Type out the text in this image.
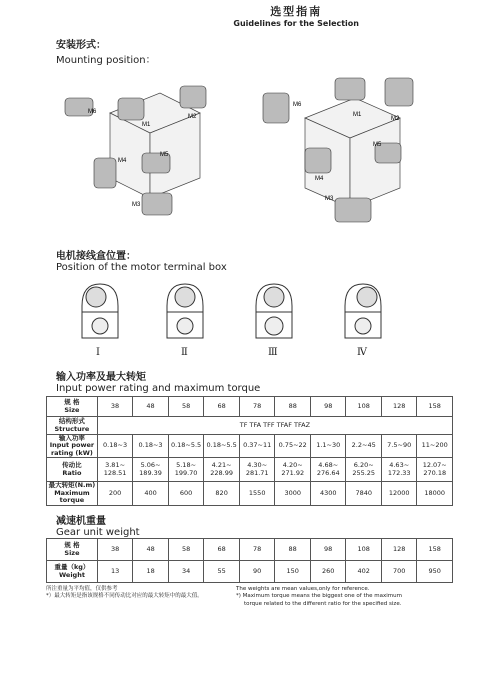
选型指南
Guidelines for the Selection
安装形式：
Mounting position：
M6
M1
M2
M4
M5
M3
M6
M1
M2
M4
M5
M3
电机接线盒位置：
Position of the motor terminal box
Ⅰ	Ⅱ	Ⅲ	Ⅳ
输入功率及最大转矩
Input power rating and maximum torque
规 格
Size	38	48	58	68	78	88	98	108	128	158
结构形式
Structure	TF TFA TFF TFAF TFAZ									
输入功率
Input power
rating (kW)	0.18~3	0.18~3	0.18~5.5	0.18~5.5	0.37~11	0.75~22	1.1~30	2.2~45	7.5~90	11~200
传动比
Ratio	3.81~
128.51	5.06~
189.39	5.18~
199.70	4.21~
228.99	4.30~
281.71	4.20~
271.92	4.68~
276.64	6.20~
255.25	4.63~
172.33	12.07~
270.18
最大转矩(N.m)
Maximum torque	200	400	600	820	1550	3000	4300	7840	12000	18000
减速机重量
Gear unit weight
规 格
Size	38	48	58	68	78	88	98	108	128	158
重量（kg）
Weight	13	18	34	55	90	150	260	402	700	950
所注重量为平均值，仅供参考
*）最大转矩是指该规格不同传动比对应的最大转矩中的最大值。
The weights are mean values,only for reference.
*) Maximum torque means the biggest one of the maximum
torque related to the different ratio for the specified size.
